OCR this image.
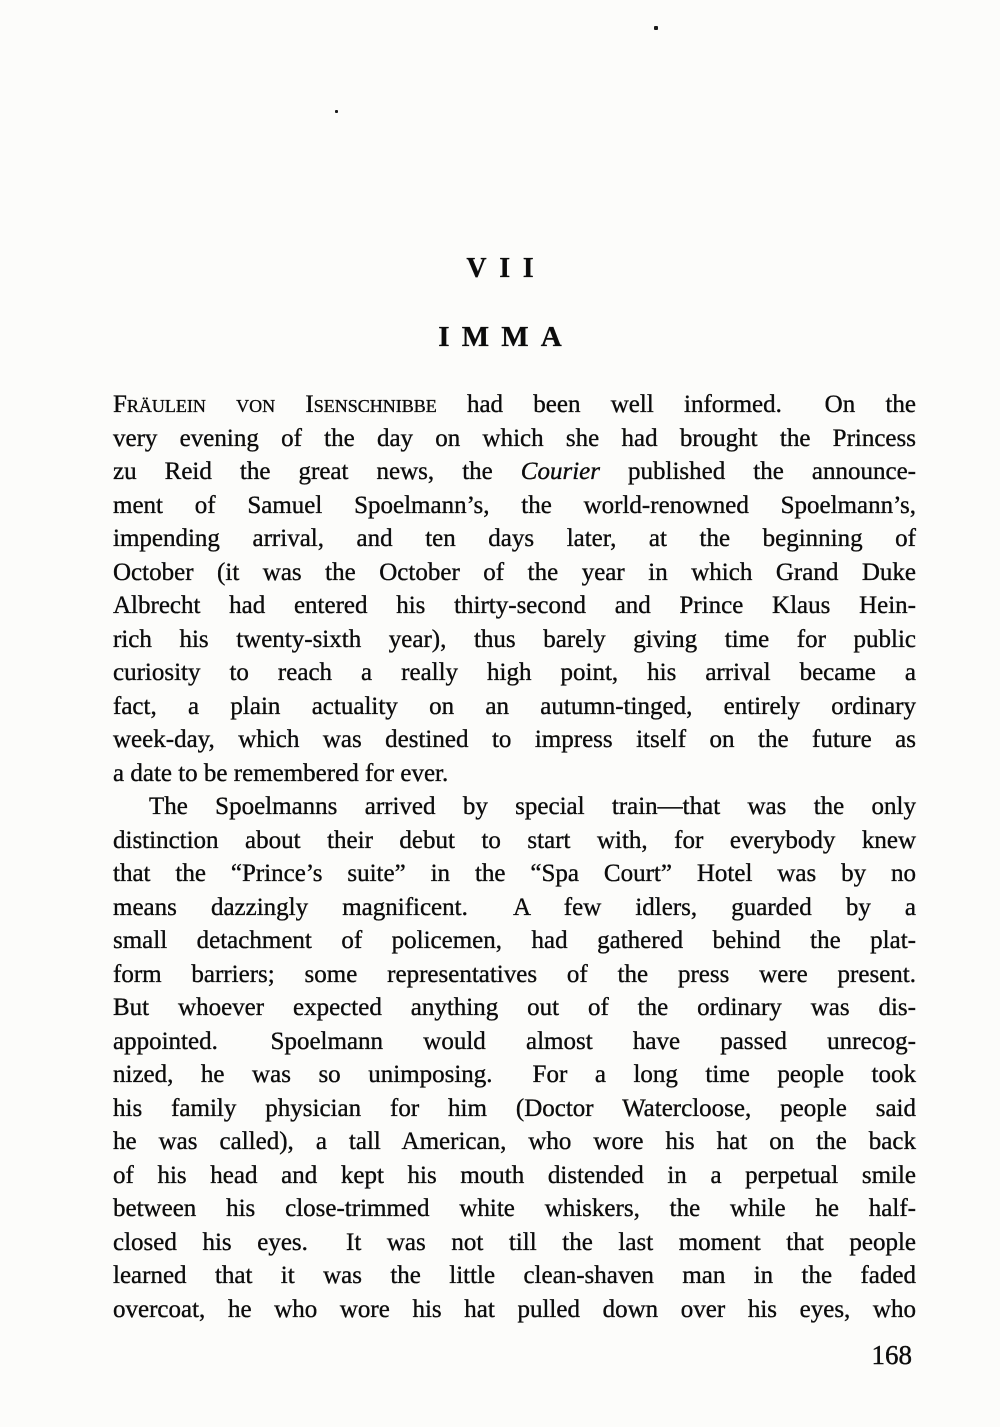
VII
IMMA
Fräulein von Isenschnibbe had been well informed.  On the
very evening of the day on which she had brought the Princess
zu Reid the great news, the Courier published the announce-
ment of Samuel Spoelmann’s, the world-renowned Spoelmann’s,
impending arrival, and ten days later, at the beginning of
October (it was the October of the year in which Grand Duke
Albrecht had entered his thirty-second and Prince Klaus Hein-
rich his twenty-sixth year), thus barely giving time for public
curiosity to reach a really high point, his arrival became a
fact, a plain actuality on an autumn-tinged, entirely ordinary
week-day, which was destined to impress itself on the future as
a date to be remembered for ever.
The Spoelmanns arrived by special train—that was the only
distinction about their debut to start with, for everybody knew
that the “Prince’s suite” in the “Spa Court” Hotel was by no
means dazzingly magnificent.  A few idlers, guarded by a
small detachment of policemen, had gathered behind the plat-
form barriers; some representatives of the press were present.
But whoever expected anything out of the ordinary was dis-
appointed.  Spoelmann would almost have passed unrecog-
nized, he was so unimposing.  For a long time people took
his family physician for him (Doctor Watercloose, people said
he was called), a tall American, who wore his hat on the back
of his head and kept his mouth distended in a perpetual smile
between his close-trimmed white whiskers, the while he half-
closed his eyes.  It was not till the last moment that people
learned that it was the little clean-shaven man in the faded
overcoat, he who wore his hat pulled down over his eyes, who
168
